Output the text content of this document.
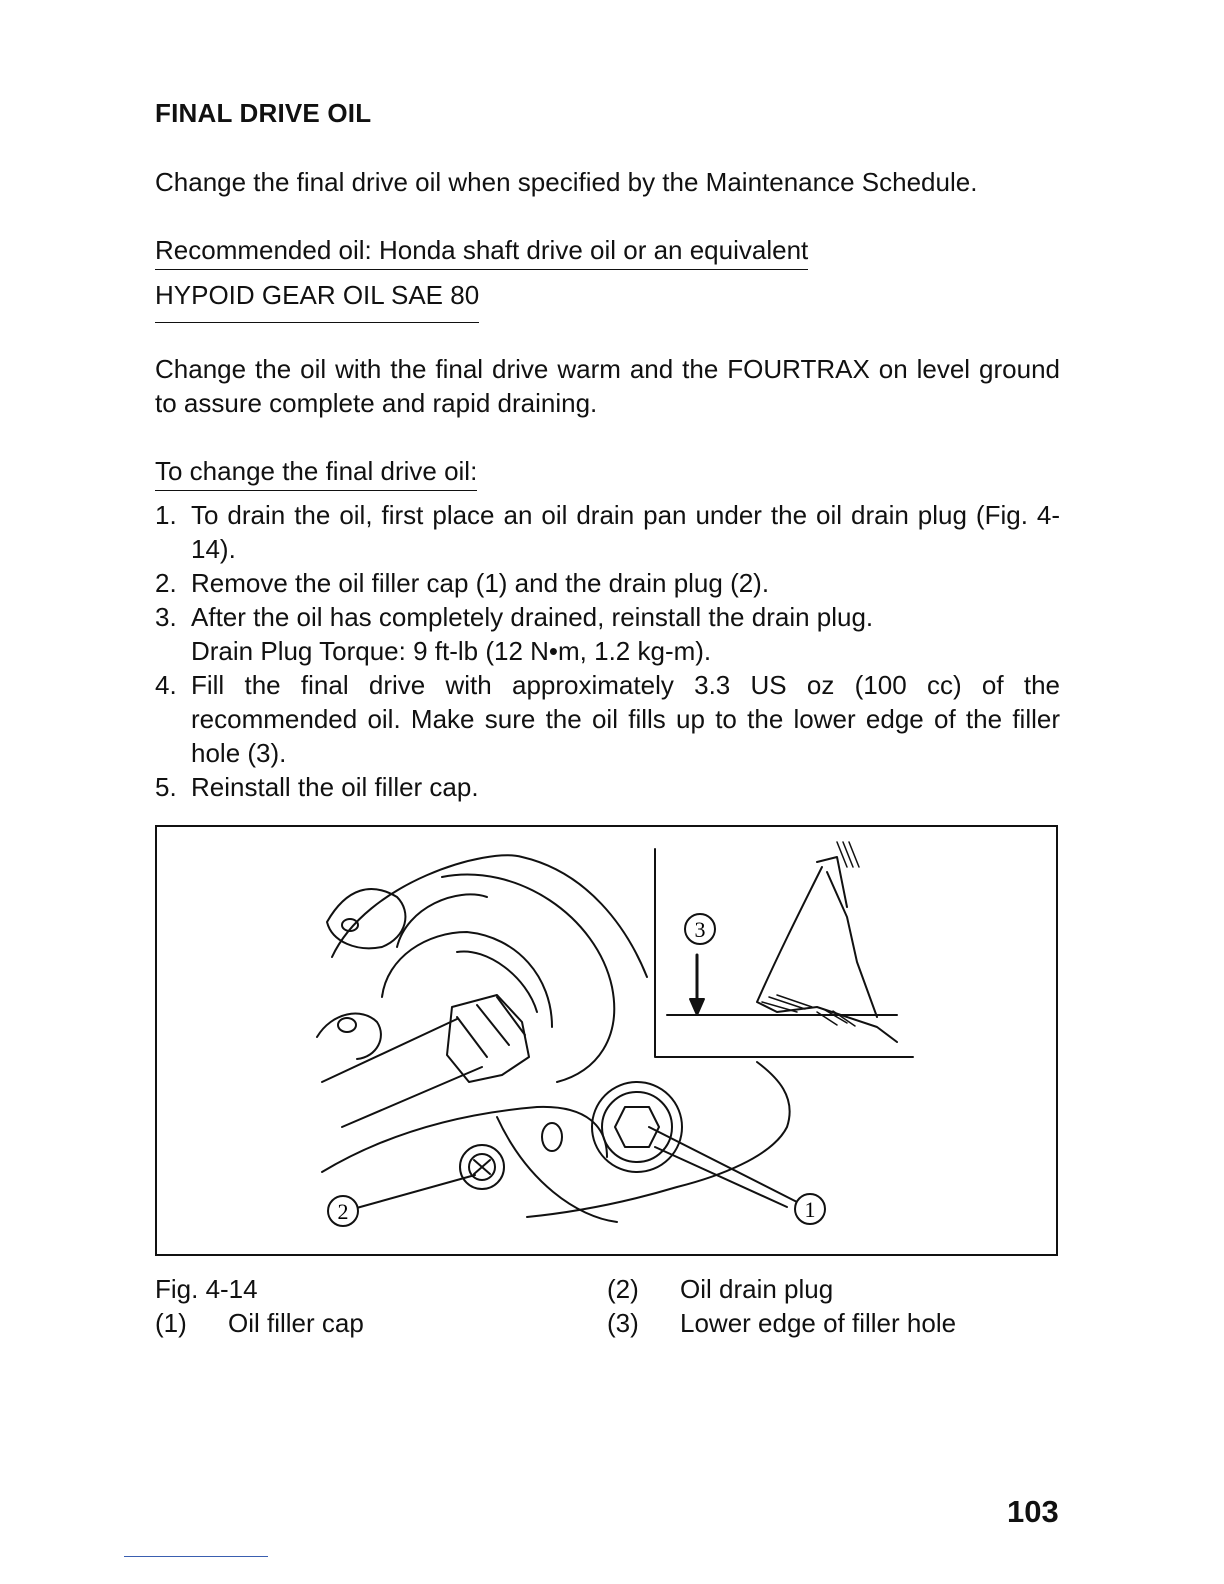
FINAL DRIVE OIL
Change the final drive oil when specified by the Maintenance Schedule.
Recommended oil: Honda shaft drive oil or an equivalent
HYPOID GEAR OIL SAE 80
Change the oil with the final drive warm and the FOURTRAX on level ground to assure complete and rapid draining.
To change the final drive oil:
1. To drain the oil, first place an oil drain pan under the oil drain plug (Fig. 4-14).
2. Remove the oil filler cap (1) and the drain plug (2).
3. After the oil has completely drained, reinstall the drain plug.
Drain Plug Torque: 9 ft-lb (12 N•m, 1.2 kg-m).
4. Fill the final drive with approximately 3.3 US oz (100 cc) of the recommended oil. Make sure the oil fills up to the lower edge of the filler hole (3).
5. Reinstall the oil filler cap.
3
2	1
Fig. 4-14
(1) Oil filler cap
(2) Oil drain plug
(3) Lower edge of filler hole
103
